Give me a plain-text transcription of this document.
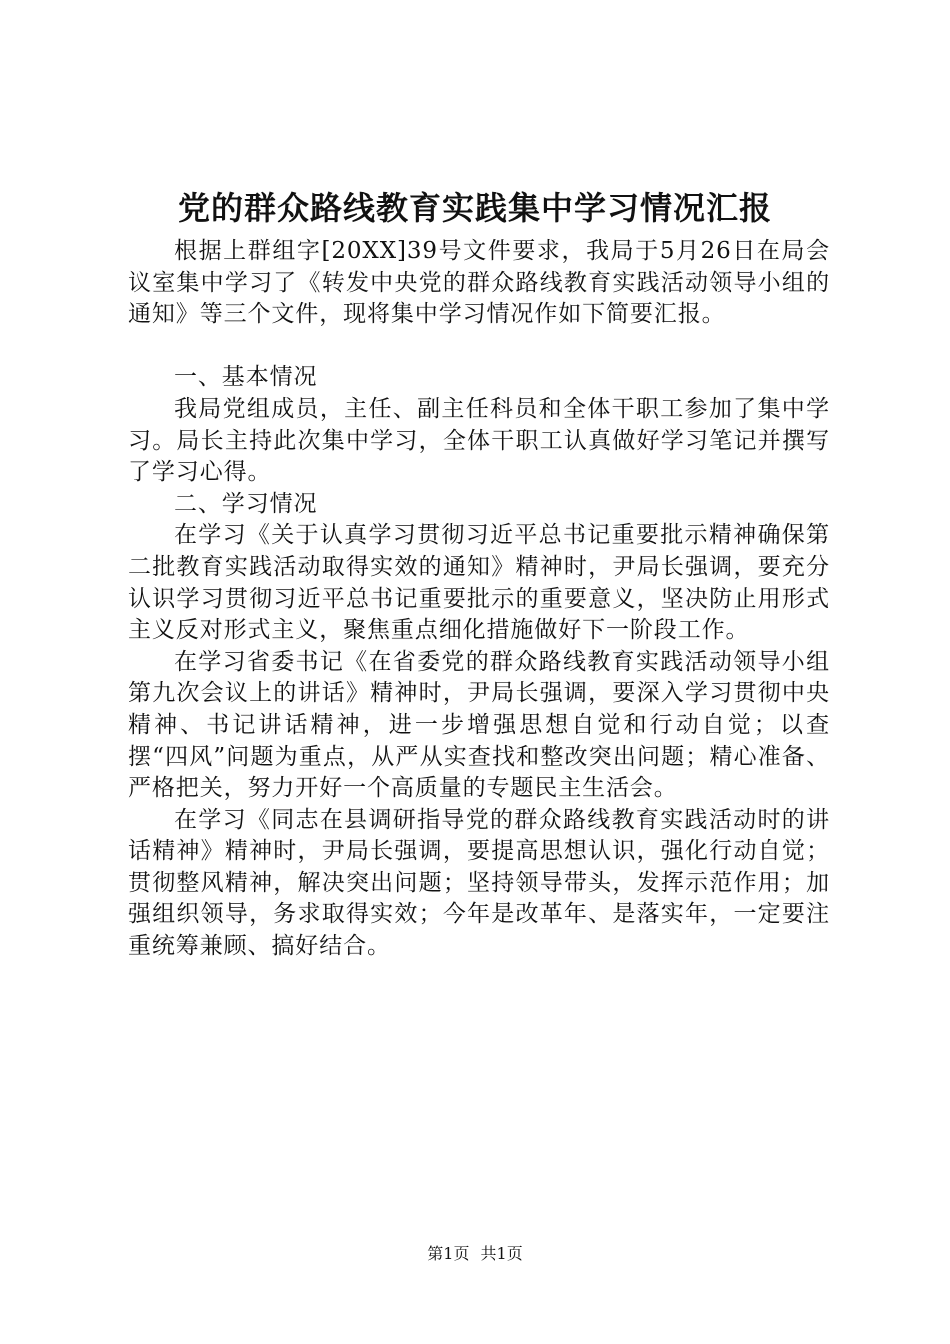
党的群众路线教育实践集中学习情况汇报

根据上群组字[20XX]39号文件要求，我局于5月26日在局会议室集中学习了《转发中央党的群众路线教育实践活动领导小组的通知》等三个文件，现将集中学习情况作如下简要汇报。

一、基本情况

我局党组成员，主任、副主任科员和全体干职工参加了集中学习。局长主持此次集中学习，全体干职工认真做好学习笔记并撰写了学习心得。

二、学习情况

在学习《关于认真学习贯彻习近平总书记重要批示精神确保第二批教育实践活动取得实效的通知》精神时，尹局长强调，要充分认识学习贯彻习近平总书记重要批示的重要意义，坚决防止用形式主义反对形式主义，聚焦重点细化措施做好下一阶段工作。

在学习省委书记《在省委党的群众路线教育实践活动领导小组第九次会议上的讲话》精神时，尹局长强调，要深入学习贯彻中央精神、书记讲话精神，进一步增强思想自觉和行动自觉；以查摆“四风”问题为重点，从严从实查找和整改突出问题；精心准备、严格把关，努力开好一个高质量的专题民主生活会。

在学习《同志在县调研指导党的群众路线教育实践活动时的讲话精神》精神时，尹局长强调，要提高思想认识，强化行动自觉；贯彻整风精神，解决突出问题；坚持领导带头，发挥示范作用；加强组织领导，务求取得实效；今年是改革年、是落实年，一定要注重统筹兼顾、搞好结合。

第1页 共1页
